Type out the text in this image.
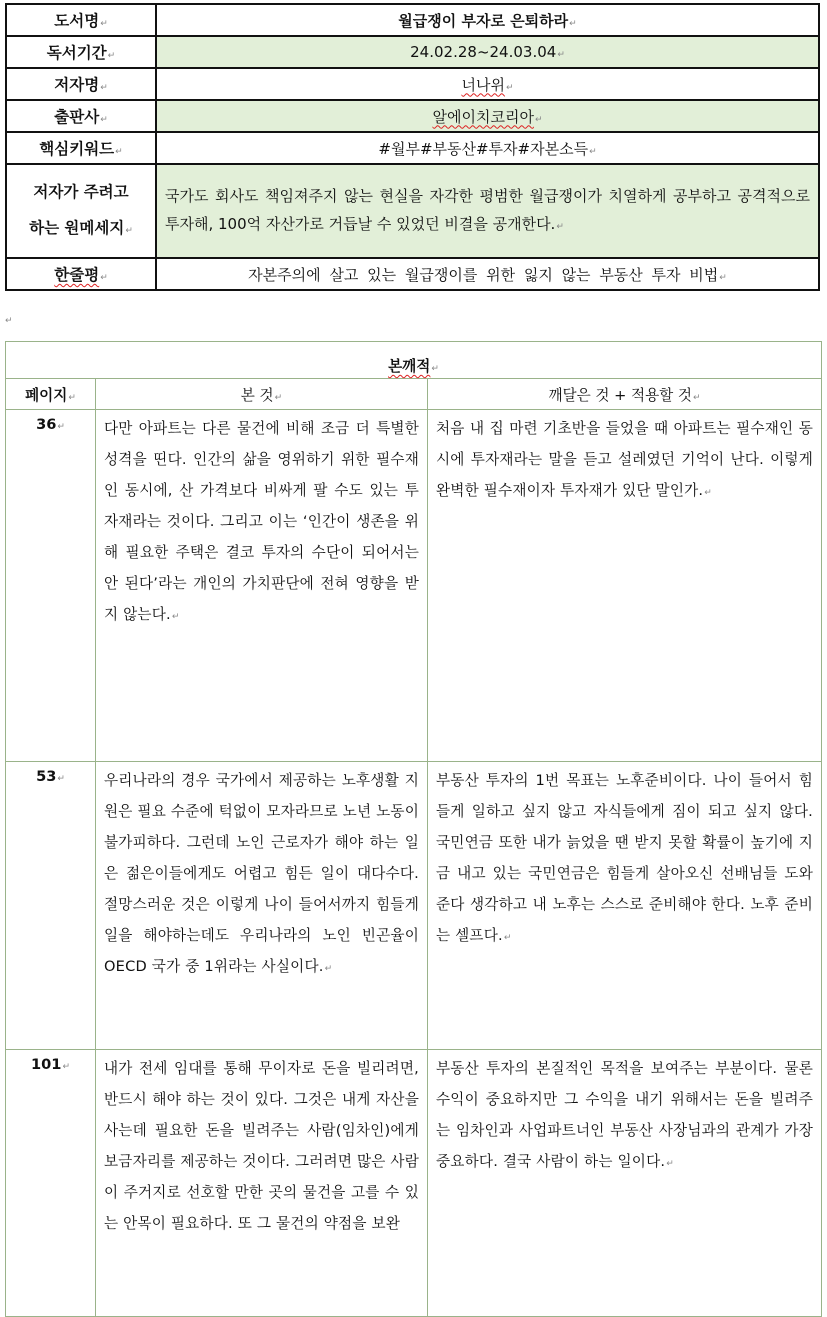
도서명↵	월급쟁이 부자로 은퇴하라↵
독서기간↵	24.02.28~24.03.04↵
저자명↵	너나위↵
출판사↵	알에이치코리아↵
핵심키워드↵	#월부#부동산#투자#자본소득↵
저자가 주려고
하는 원메세지↵	국가도 회사도 책임져주지 않는 현실을 자각한 평범한 월급쟁이가 치열하게 공부하고 공격적으로 투자해, 100억 자산가로 거듭날 수 있었던 비결을 공개한다.↵
한줄평↵	자본주의에 살고 있는 월급쟁이를 위한 잃지 않는 부동산 투자 비법↵
↵
본깨적↵		
페이지↵	본 것↵	깨달은 것 + 적용할 것↵
36↵	다만 아파트는 다른 물건에 비해 조금 더 특별한 성격을 띤다. 인간의 삶을 영위하기 위한 필수재인 동시에, 산 가격보다 비싸게 팔 수도 있는 투자재라는 것이다. 그리고 이는 ‘인간이 생존을 위해 필요한 주택은 결코 투자의 수단이 되어서는 안 된다’라는 개인의 가치판단에 전혀 영향을 받지 않는다.↵	처음 내 집 마련 기초반을 들었을 때 아파트는 필수재인 동시에 투자재라는 말을 듣고 설레였던 기억이 난다. 이렇게 완벽한 필수재이자 투자재가 있단 말인가.↵
53↵	우리나라의 경우 국가에서 제공하는 노후생활 지원은 필요 수준에 턱없이 모자라므로 노년 노동이 불가피하다. 그런데 노인 근로자가 해야 하는 일은 젊은이들에게도 어렵고 힘든 일이 대다수다. 절망스러운 것은 이렇게 나이 들어서까지 힘들게 일을 해야하는데도 우리나라의 노인 빈곤율이 OECD 국가 중 1위라는 사실이다.↵	부동산 투자의 1번 목표는 노후준비이다. 나이 들어서 힘들게 일하고 싶지 않고 자식들에게 짐이 되고 싶지 않다. 국민연금 또한 내가 늙었을 땐 받지 못할 확률이 높기에 지금 내고 있는 국민연금은 힘들게 살아오신 선배님들 도와준다 생각하고 내 노후는 스스로 준비해야 한다. 노후 준비는 셀프다.↵
101↵	내가 전세 임대를 통해 무이자로 돈을 빌리려면, 반드시 해야 하는 것이 있다. 그것은 내게 자산을 사는데 필요한 돈을 빌려주는 사람(임차인)에게 보금자리를 제공하는 것이다. 그러려면 많은 사람이 주거지로 선호할 만한 곳의 물건을 고를 수 있는 안목이 필요하다. 또 그 물건의 약점을 보완	부동산 투자의 본질적인 목적을 보여주는 부분이다. 물론 수익이 중요하지만 그 수익을 내기 위해서는 돈을 빌려주는 임차인과 사업파트너인 부동산 사장님과의 관계가 가장 중요하다. 결국 사람이 하는 일이다.↵
